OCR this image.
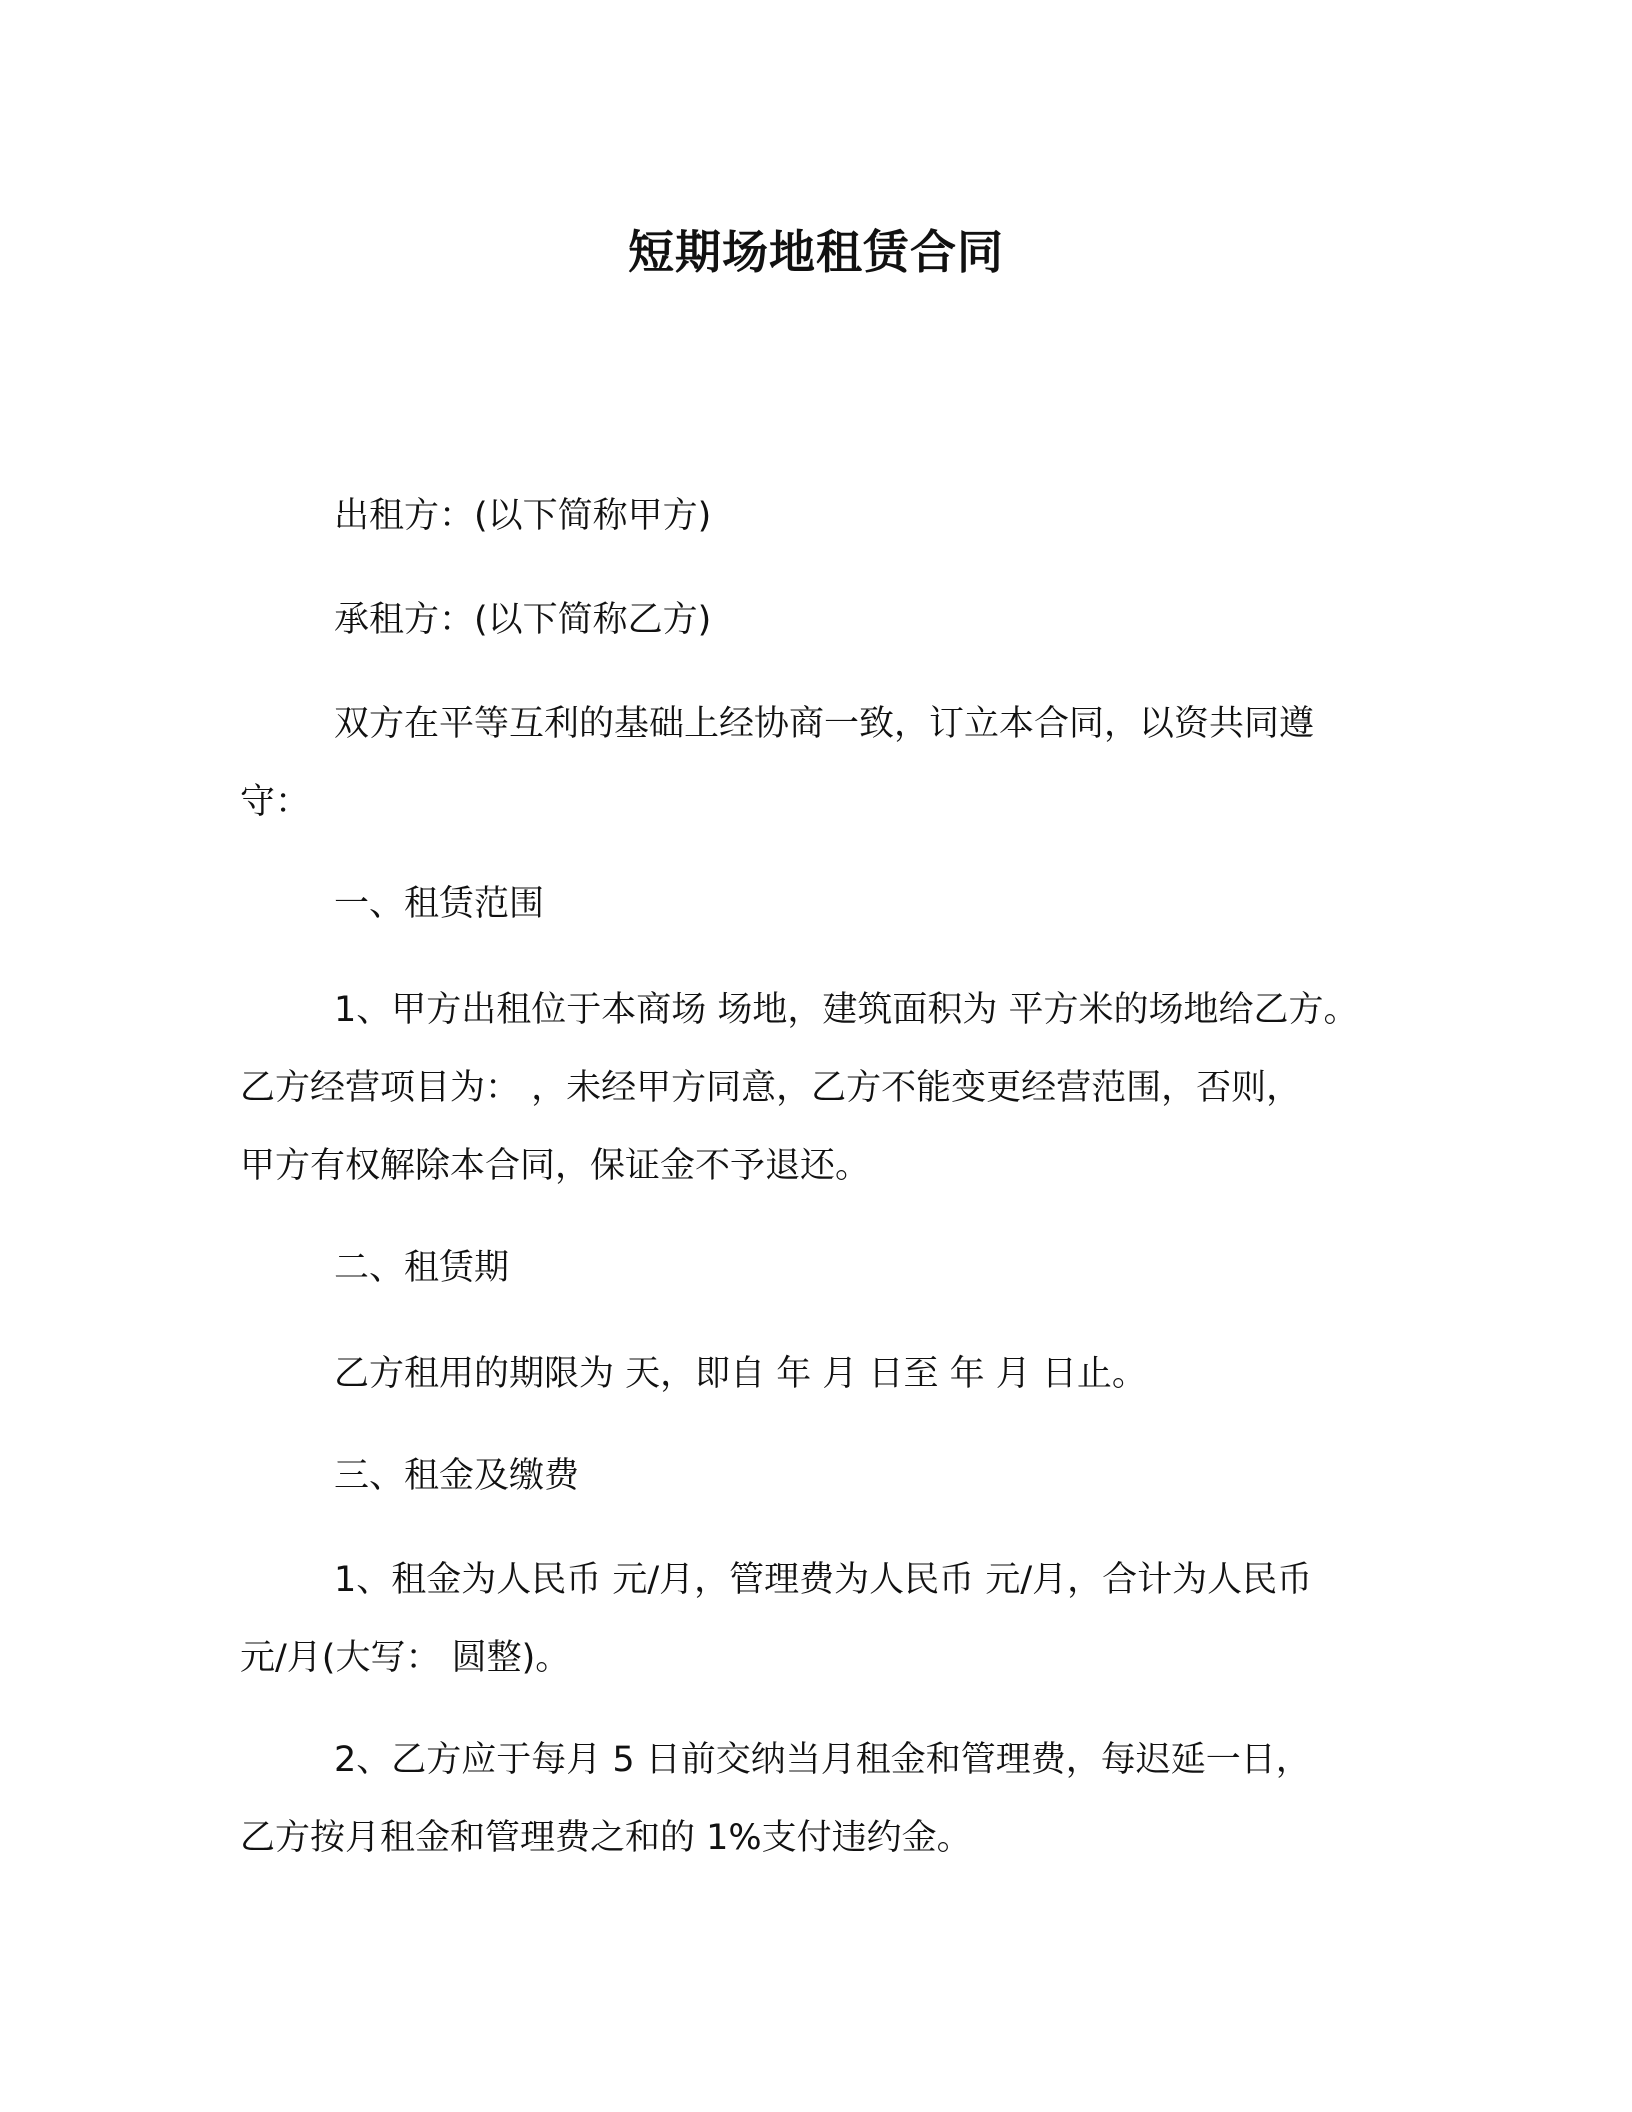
短期场地租赁合同
出租方：(以下简称甲方)
承租方：(以下简称乙方)
双方在平等互利的基础上经协商一致，订立本合同，以资共同遵
守：
一、租赁范围
1、甲方出租位于本商场 场地，建筑面积为 平方米的场地给乙方。
乙方经营项目为： ，未经甲方同意，乙方不能变更经营范围，否则，
甲方有权解除本合同，保证金不予退还。
二、租赁期
乙方租用的期限为 天，即自 年 月 日至 年 月 日止。
三、租金及缴费
1、租金为人民币 元/月，管理费为人民币 元/月，合计为人民币
元/月(大写： 圆整)。
2、乙方应于每月 5 日前交纳当月租金和管理费，每迟延一日，
乙方按月租金和管理费之和的 1%支付违约金。
